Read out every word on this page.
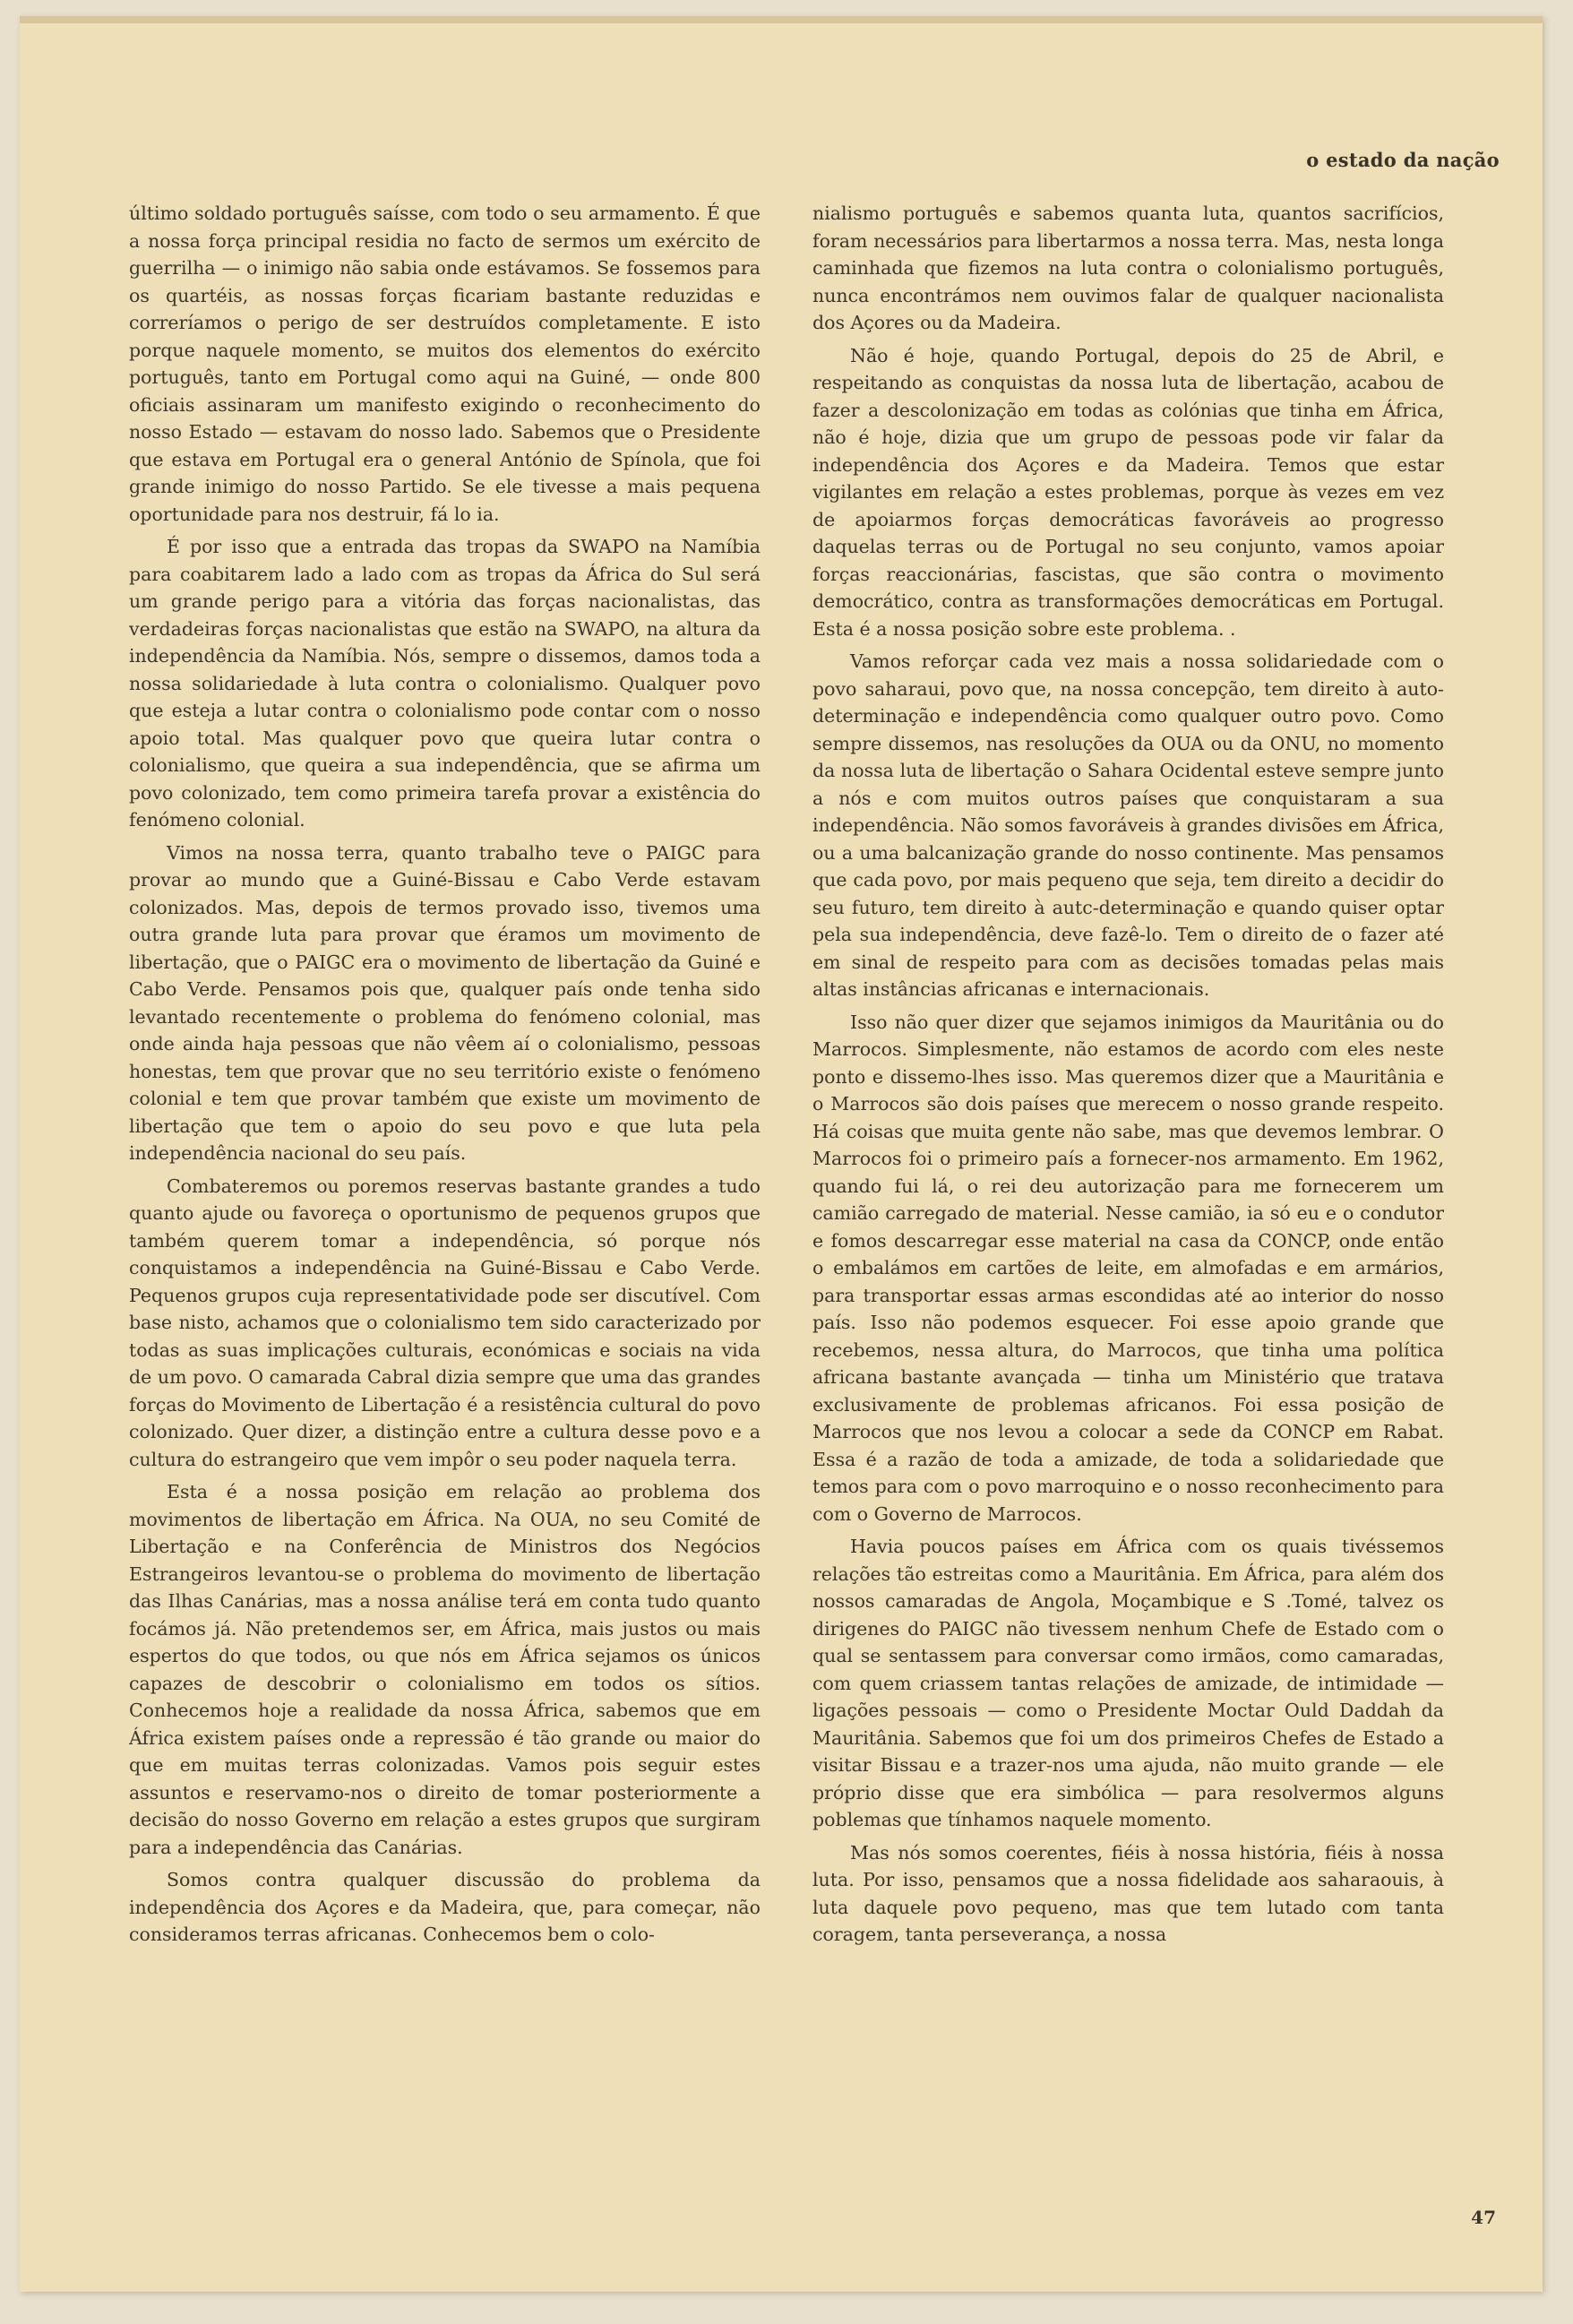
o estado da nação

último soldado português saísse, com todo o seu armamento. É que a nossa força principal residia no facto de sermos um exército de guerrilha — o inimigo não sabia onde estávamos. Se fossemos para os quartéis, as nossas forças ficariam bastante reduzidas e correríamos o perigo de ser destruídos completamente. E isto porque naquele momento, se muitos dos elementos do exército português, tanto em Portugal como aqui na Guiné, — onde 800 oficiais assinaram um manifesto exigindo o reconhecimento do nosso Estado — estavam do nosso lado. Sabemos que o Presidente que estava em Portugal era o general António de Spínola, que foi grande inimigo do nosso Partido. Se ele tivesse a mais pequena oportunidade para nos destruir, fá lo ia.

É por isso que a entrada das tropas da SWAPO na Namíbia para coabitarem lado a lado com as tropas da África do Sul será um grande perigo para a vitória das forças nacionalistas, das verdadeiras forças nacionalistas que estão na SWAPO, na altura da independência da Namíbia. Nós, sempre o dissemos, damos toda a nossa solidariedade à luta contra o colonialismo. Qualquer povo que esteja a lutar contra o colonialismo pode contar com o nosso apoio total. Mas qualquer povo que queira lutar contra o colonialismo, que queira a sua independência, que se afirma um povo colonizado, tem como primeira tarefa provar a existência do fenómeno colonial.

Vimos na nossa terra, quanto trabalho teve o PAIGC para provar ao mundo que a Guiné-Bissau e Cabo Verde estavam colonizados. Mas, depois de termos provado isso, tivemos uma outra grande luta para provar que éramos um movimento de libertação, que o PAIGC era o movimento de libertação da Guiné e Cabo Verde. Pensamos pois que, qualquer país onde tenha sido levantado recentemente o problema do fenómeno colonial, mas onde ainda haja pessoas que não vêem aí o colonialismo, pessoas honestas, tem que provar que no seu território existe o fenómeno colonial e tem que provar também que existe um movimento de libertação que tem o apoio do seu povo e que luta pela independência nacional do seu país.

Combateremos ou poremos reservas bastante grandes a tudo quanto ajude ou favoreça o oportunismo de pequenos grupos que também querem tomar a independência, só porque nós conquistamos a independência na Guiné-Bissau e Cabo Verde. Pequenos grupos cuja representatividade pode ser discutível. Com base nisto, achamos que o colonialismo tem sido caracterizado por todas as suas implicações culturais, económicas e sociais na vida de um povo. O camarada Cabral dizia sempre que uma das grandes forças do Movimento de Libertação é a resistência cultural do povo colonizado. Quer dizer, a distinção entre a cultura desse povo e a cultura do estrangeiro que vem impôr o seu poder naquela terra.

Esta é a nossa posição em relação ao problema dos movimentos de libertação em África. Na OUA, no seu Comité de Libertação e na Conferência de Ministros dos Negócios Estrangeiros levantou-se o problema do movimento de libertação das Ilhas Canárias, mas a nossa análise terá em conta tudo quanto focámos já. Não pretendemos ser, em África, mais justos ou mais espertos do que todos, ou que nós em África sejamos os únicos capazes de descobrir o colonialismo em todos os sítios. Conhecemos hoje a realidade da nossa África, sabemos que em África existem países onde a repressão é tão grande ou maior do que em muitas terras colonizadas. Vamos pois seguir estes assuntos e reservamo-nos o direito de tomar posteriormente a decisão do nosso Governo em relação a estes grupos que surgiram para a independência das Canárias.

Somos contra qualquer discussão do problema da independência dos Açores e da Madeira, que, para começar, não consideramos terras africanas. Conhecemos bem o colo-

nialismo português e sabemos quanta luta, quantos sacrifícios, foram necessários para libertarmos a nossa terra. Mas, nesta longa caminhada que fizemos na luta contra o colonialismo português, nunca encontrámos nem ouvimos falar de qualquer nacionalista dos Açores ou da Madeira.

Não é hoje, quando Portugal, depois do 25 de Abril, e respeitando as conquistas da nossa luta de libertação, acabou de fazer a descolonização em todas as colónias que tinha em África, não é hoje, dizia que um grupo de pessoas pode vir falar da independência dos Açores e da Madeira. Temos que estar vigilantes em relação a estes problemas, porque às vezes em vez de apoiarmos forças democráticas favoráveis ao progresso daquelas terras ou de Portugal no seu conjunto, vamos apoiar forças reaccionárias, fascistas, que são contra o movimento democrático, contra as transformações democráticas em Portugal. Esta é a nossa posição sobre este problema. .

Vamos reforçar cada vez mais a nossa solidariedade com o povo saharaui, povo que, na nossa concepção, tem direito à auto-determinação e independência como qualquer outro povo. Como sempre dissemos, nas resoluções da OUA ou da ONU, no momento da nossa luta de libertação o Sahara Ocidental esteve sempre junto a nós e com muitos outros países que conquistaram a sua independência. Não somos favoráveis à grandes divisões em África, ou a uma balcanização grande do nosso continente. Mas pensamos que cada povo, por mais pequeno que seja, tem direito a decidir do seu futuro, tem direito à autc-determinação e quando quiser optar pela sua independência, deve fazê-lo. Tem o direito de o fazer até em sinal de respeito para com as decisões tomadas pelas mais altas instâncias africanas e internacionais.

Isso não quer dizer que sejamos inimigos da Mauritânia ou do Marrocos. Simplesmente, não estamos de acordo com eles neste ponto e dissemo-lhes isso. Mas queremos dizer que a Mauritânia e o Marrocos são dois países que merecem o nosso grande respeito. Há coisas que muita gente não sabe, mas que devemos lembrar. O Marrocos foi o primeiro país a fornecer-nos armamento. Em 1962, quando fui lá, o rei deu autorização para me fornecerem um camião carregado de material. Nesse camião, ia só eu e o condutor e fomos descarregar esse material na casa da CONCP, onde então o embalámos em cartões de leite, em almofadas e em armários, para transportar essas armas escondidas até ao interior do nosso país. Isso não podemos esquecer. Foi esse apoio grande que recebemos, nessa altura, do Marrocos, que tinha uma política africana bastante avançada — tinha um Ministério que tratava exclusivamente de problemas africanos. Foi essa posição de Marrocos que nos levou a colocar a sede da CONCP em Rabat. Essa é a razão de toda a amizade, de toda a solidariedade que temos para com o povo marroquino e o nosso reconhecimento para com o Governo de Marrocos.

Havia poucos países em África com os quais tivéssemos relações tão estreitas como a Mauritânia. Em África, para além dos nossos camaradas de Angola, Moçambique e S .Tomé, talvez os dirigenes do PAIGC não tivessem nenhum Chefe de Estado com o qual se sentassem para conversar como irmãos, como camaradas, com quem criassem tantas relações de amizade, de intimidade — ligações pessoais — como o Presidente Moctar Ould Daddah da Mauritânia. Sabemos que foi um dos primeiros Chefes de Estado a visitar Bissau e a trazer-nos uma ajuda, não muito grande — ele próprio disse que era simbólica — para resolvermos alguns poblemas que tínhamos naquele momento.

Mas nós somos coerentes, fiéis à nossa história, fiéis à nossa luta. Por isso, pensamos que a nossa fidelidade aos saharaouis, à luta daquele povo pequeno, mas que tem lutado com tanta coragem, tanta perseverança, a nossa

47
